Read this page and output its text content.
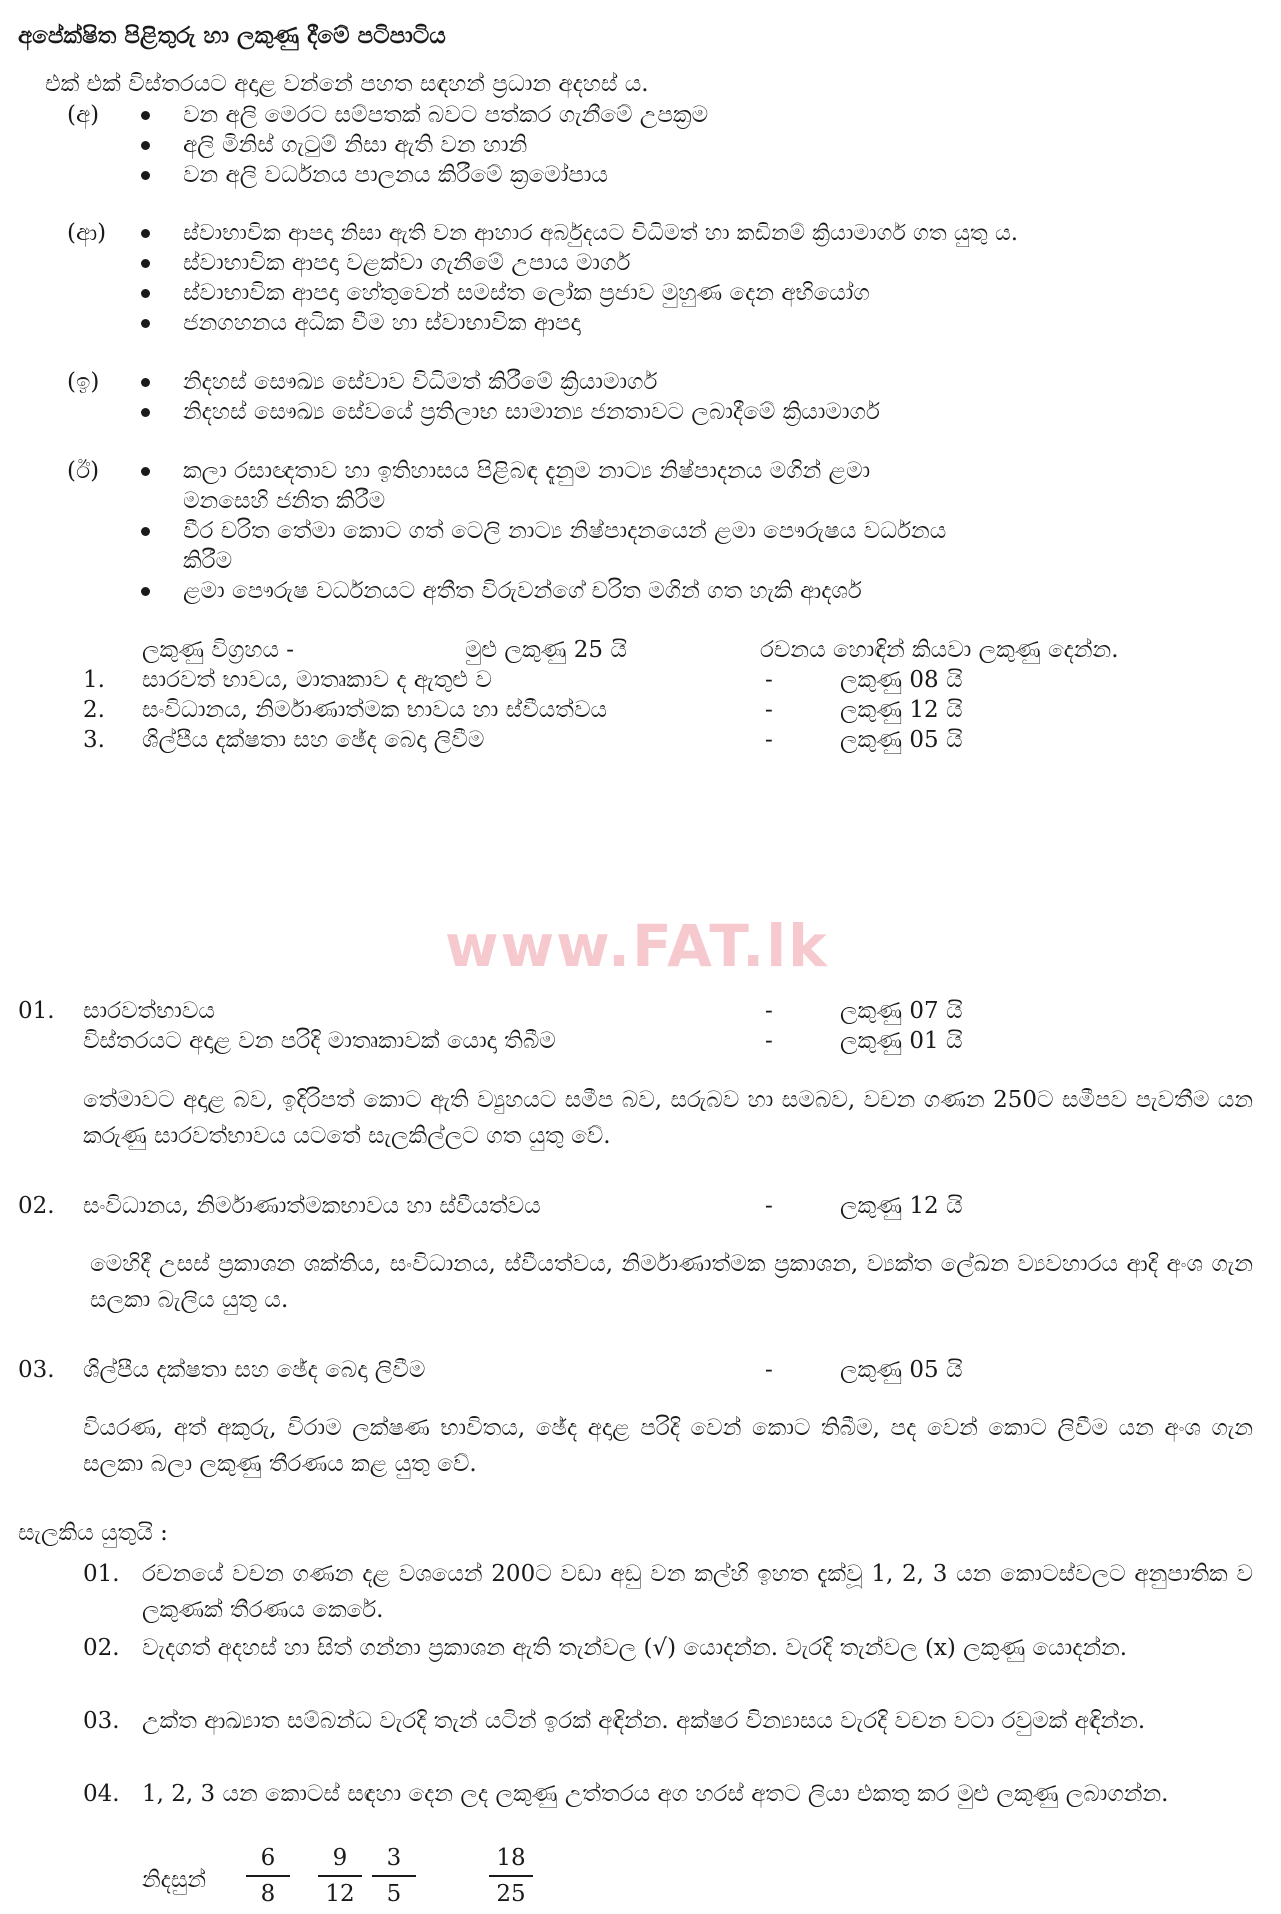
අපේක්ෂිත පිළිතුරු හා ලකුණු දීමේ පටිපාටිය
එක් එක් විස්තරයට අදාළ වන්නේ පහත සඳහන් ප්‍රධාන අදහස් ය.
(අ)	වන අලි මෙරට සම්පතක් බවට පත්කර ගැනීමේ උපක්‍රම
අලි මිනිස් ගැටුම් නිසා ඇති වන හානි
වන අලි වර්ධනය පාලනය කිරීමේ ක්‍රමෝපාය
(ආ)	ස්වාභාවික ආපදා නිසා ඇති වන ආහාර අර්බුදයට විධිමත් හා කඩිනම් ක්‍රියාමාර්ග ගත යුතු ය.
ස්වාභාවික ආපදා වළක්වා ගැනීමේ උපාය මාර්ග
ස්වාභාවික ආපදා හේතුවෙන් සමස්ත ලෝක ප්‍රජාව මුහුණ දෙන අභියෝග
ජනගහනය අධික වීම හා ස්වාභාවික ආපදා
(ඉ)	නිදහස් සෞඛ්‍ය සේවාව විධිමත් කිරීමේ ක්‍රියාමාර්ග
නිදහස් සෞඛ්‍ය සේවයේ ප්‍රතිලාභ සාමාන්‍ය ජනතාවට ලබාදීමේ ක්‍රියාමාර්ග
(ඊ)	කලා රසාඥතාව හා ඉතිහාසය පිළිබඳ දැනුම නාට්‍ය නිෂ්පාදනය මගින් ළමා
මනසෙහි ජනිත කිරීම
වීර චරිත තේමා කොට ගත් ටෙලි නාට්‍ය නිෂ්පාදනයෙන් ළමා පෞරුෂය වර්ධනය
කිරීම
ළමා පෞරුෂ වර්ධනයට අතීත විරුවන්ගේ චරිත මගින් ගත හැකි ආදර්ශ
ලකුණු විග්‍රහය -	මුළු ලකුණු 25 යි	රචනය හොඳින් කියවා ලකුණු දෙන්න.
1. සාරවත් භාවය, මාතෘකාව ද ඇතුළු ව	-	ලකුණු 08 යි
2. සංවිධානය, නිර්මාණාත්මක භාවය හා ස්වීයත්වය	-	ලකුණු 12 යි
3. ශිල්පීය දක්ෂතා සහ ඡේද බෙදා ලිවීම	-	ලකුණු 05 යි
www.FAT.lk
01. සාරවත්භාවය	-	ලකුණු 07 යි
විස්තරයට අදාළ වන පරිදි මාතෘකාවක් යොදා තිබීම	-	ලකුණු 01 යි
තේමාවට අදාළ බව, ඉදිරිපත් කොට ඇති ව්‍යුහයට සමීප බව, සරුබව හා සමබව, වචන ගණන 250ට සමීපව පැවතීම යන කරුණු සාරවත්භාවය යටතේ සැලකිල්ලට ගත යුතු වේ.
02. සංවිධානය, නිර්මාණාත්මකභාවය හා ස්වීයත්වය	-	ලකුණු 12 යි
මෙහිදී උසස් ප්‍රකාශන ශක්තිය, සංවිධානය, ස්වීයත්වය, නිර්මාණාත්මක ප්‍රකාශන, ව්‍යක්ත ලේඛන ව්‍යවහාරය ආදි අංශ ගැන සලකා බැලිය යුතු ය.
03. ශිල්පීය දක්ෂතා සහ ඡේද බෙදා ලිවීම	-	ලකුණු 05 යි
වියරණ, අත් අකුරු, විරාම ලක්ෂණ භාවිතය, ඡේද අදාළ පරිදි වෙන් කොට තිබීම, පද වෙන් කොට ලිවීම යන අංශ ගැන සලකා බලා ලකුණු තීරණය කළ යුතු වේ.
සැලකිය යුතුයි :
01. රචනයේ වචන ගණන දළ වශයෙන් 200ට වඩා අඩු වන කල්හි ඉහත දැක්වූ 1, 2, 3 යන කොටස්වලට අනුපාතික ව ලකුණක් තීරණය කෙරේ.
02. වැදගත් අදහස් හා සිත් ගන්නා ප්‍රකාශන ඇති තැන්වල (√) යොදන්න. වැරදි තැන්වල (x) ලකුණු යොදන්න.
03. උක්ත ආඛ්‍යාත සම්බන්ධ වැරදි තැන් යටින් ඉරක් අඳින්න. අක්ෂර වින්‍යාසය වැරදි වචන වටා රවුමක් අඳින්න.
04. 1, 2, 3 යන කොටස් සඳහා දෙන ලද ලකුණු උත්තරය අග හරස් අතට ලියා එකතු කර මුළු ලකුණු ලබාගන්න.
නිදසුන් $\frac{6}{8} \frac{9}{12} \frac{3}{5}$	$\frac{18}{25}$
